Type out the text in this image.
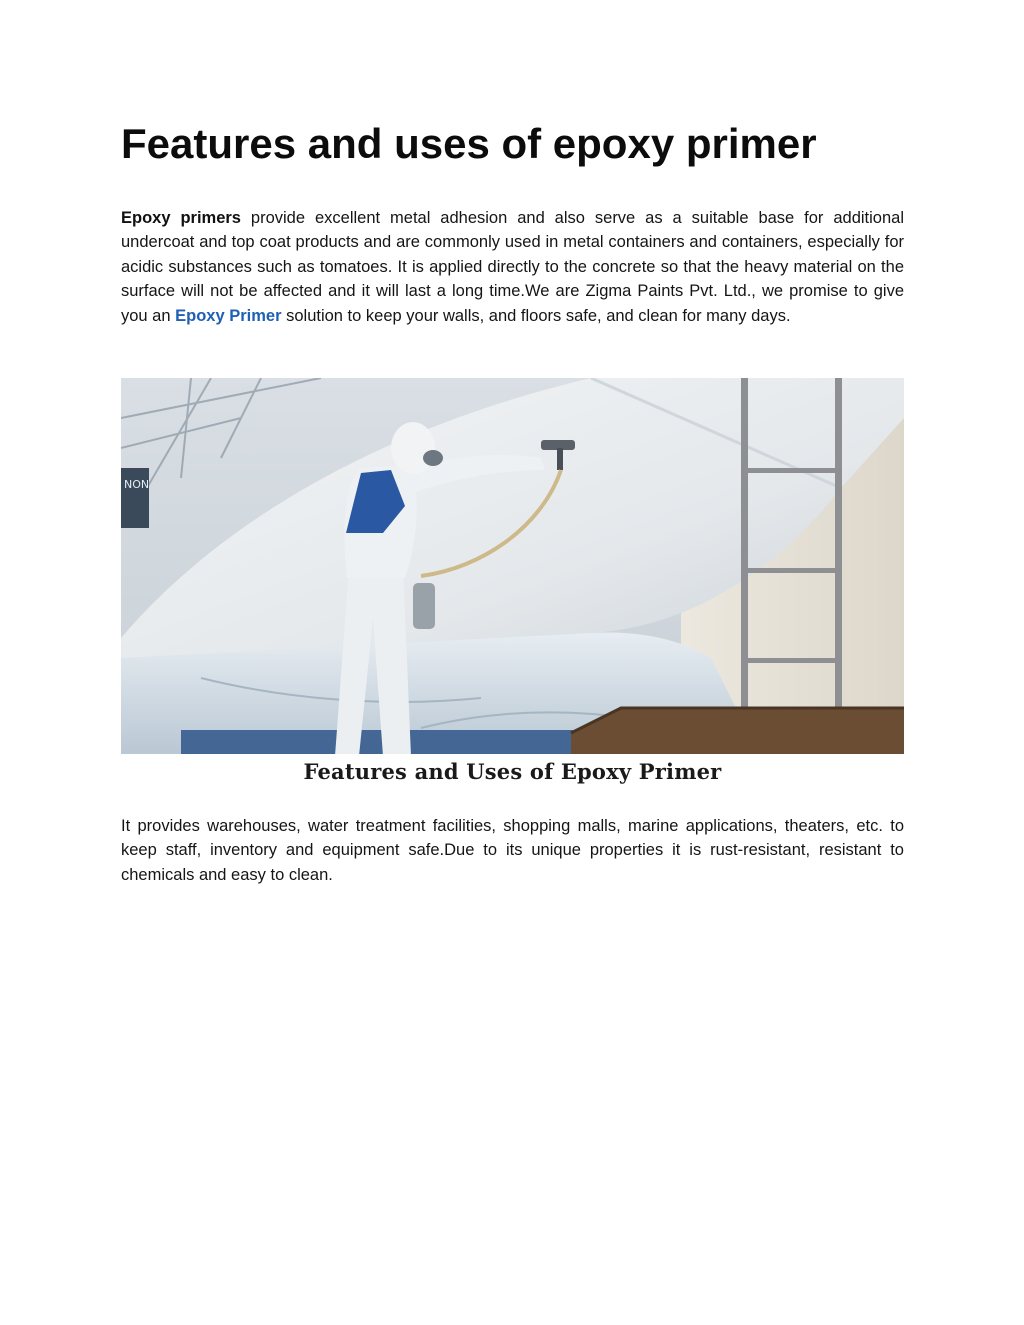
Features and uses of epoxy primer

Epoxy primers provide excellent metal adhesion and also serve as a suitable base for additional undercoat and top coat products and are commonly used in metal containers and containers, especially for acidic substances such as tomatoes. It is applied directly to the concrete so that the heavy material on the surface will not be affected and it will last a long time.We are Zigma Paints Pvt. Ltd., we promise to give you an Epoxy Primer solution to keep your walls, and floors safe, and clean for many days.

NON
Features and Uses of Epoxy Primer

It provides warehouses, water treatment facilities, shopping malls, marine applications, theaters, etc. to keep staff, inventory and equipment safe.Due to its unique properties it is rust-resistant, resistant to chemicals and easy to clean.
